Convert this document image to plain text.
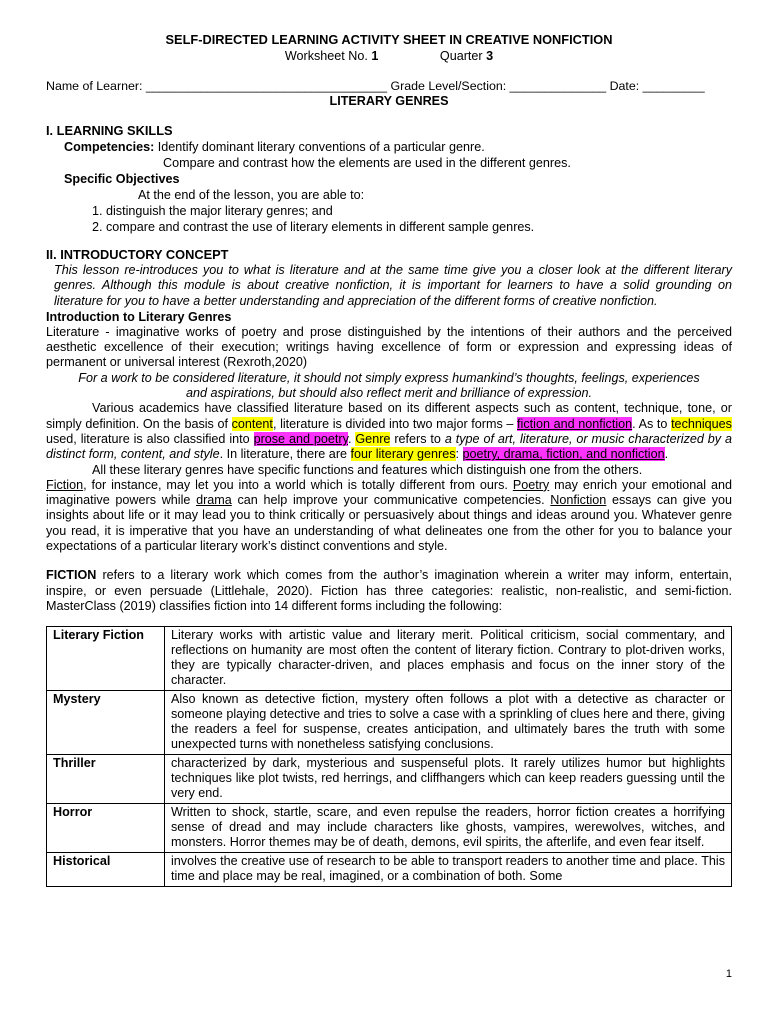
SELF-DIRECTED LEARNING ACTIVITY SHEET IN CREATIVE NONFICTION
Worksheet No. 1	Quarter 3
Name of Learner: ___________________________________ Grade Level/Section: ______________ Date: _________
LITERARY GENRES
I. LEARNING SKILLS
Competencies: Identify dominant literary conventions of a particular genre.
Compare and contrast how the elements are used in the different genres.
Specific Objectives
At the end of the lesson, you are able to:
1. distinguish the major literary genres; and
2. compare and contrast the use of literary elements in different sample genres.
II. INTRODUCTORY CONCEPT

This lesson re-introduces you to what is literature and at the same time give you a closer look at the different literary genres. Although this module is about creative nonfiction, it is important for learners to have a solid grounding on literature for you to have a better understanding and appreciation of the different forms of creative nonfiction.

Introduction to Literary Genres

Literature - imaginative works of poetry and prose distinguished by the intentions of their authors and the perceived aesthetic excellence of their execution; writings having excellence of form or expression and expressing ideas of permanent or universal interest (Rexroth,2020)

For a work to be considered literature, it should not simply express humankind’s thoughts, feelings, experiences and aspirations, but should also reflect merit and brilliance of expression.

Various academics have classified literature based on its different aspects such as content, technique, tone, or simply definition. On the basis of content, literature is divided into two major forms – fiction and nonfiction. As to techniques used, literature is also classified into prose and poetry. Genre refers to a type of art, literature, or music characterized by a distinct form, content, and style. In literature, there are four literary genres: poetry, drama, fiction, and nonfiction.

All these literary genres have specific functions and features which distinguish one from the others.
Fiction, for instance, may let you into a world which is totally different from ours. Poetry may enrich your emotional and imaginative powers while drama can help improve your communicative competencies. Nonfiction essays can give you insights about life or it may lead you to think critically or persuasively about things and ideas around you. Whatever genre you read, it is imperative that you have an understanding of what delineates one from the other for you to balance your expectations of a particular literary work’s distinct conventions and style.

FICTION refers to a literary work which comes from the author’s imagination wherein a writer may inform, entertain, inspire, or even persuade (Littlehale, 2020). Fiction has three categories: realistic, non-realistic, and semi-fiction. MasterClass (2019) classifies fiction into 14 different forms including the following:

Literary Fiction	Literary works with artistic value and literary merit. Political criticism, social commentary, and reflections on humanity are most often the content of literary fiction. Contrary to plot-driven works, they are typically character-driven, and places emphasis and focus on the inner story of the character.
Mystery	Also known as detective fiction, mystery often follows a plot with a detective as character or someone playing detective and tries to solve a case with a sprinkling of clues here and there, giving the readers a feel for suspense, creates anticipation, and ultimately bares the truth with some unexpected turns with nonetheless satisfying conclusions.
Thriller	characterized by dark, mysterious and suspenseful plots. It rarely utilizes humor but highlights techniques like plot twists, red herrings, and cliffhangers which can keep readers guessing until the very end.
Horror	Written to shock, startle, scare, and even repulse the readers, horror fiction creates a horrifying sense of dread and may include characters like ghosts, vampires, werewolves, witches, and monsters. Horror themes may be of death, demons, evil spirits, the afterlife, and even fear itself.
Historical	involves the creative use of research to be able to transport readers to another time and place. This time and place may be real, imagined, or a combination of both. Some
1
